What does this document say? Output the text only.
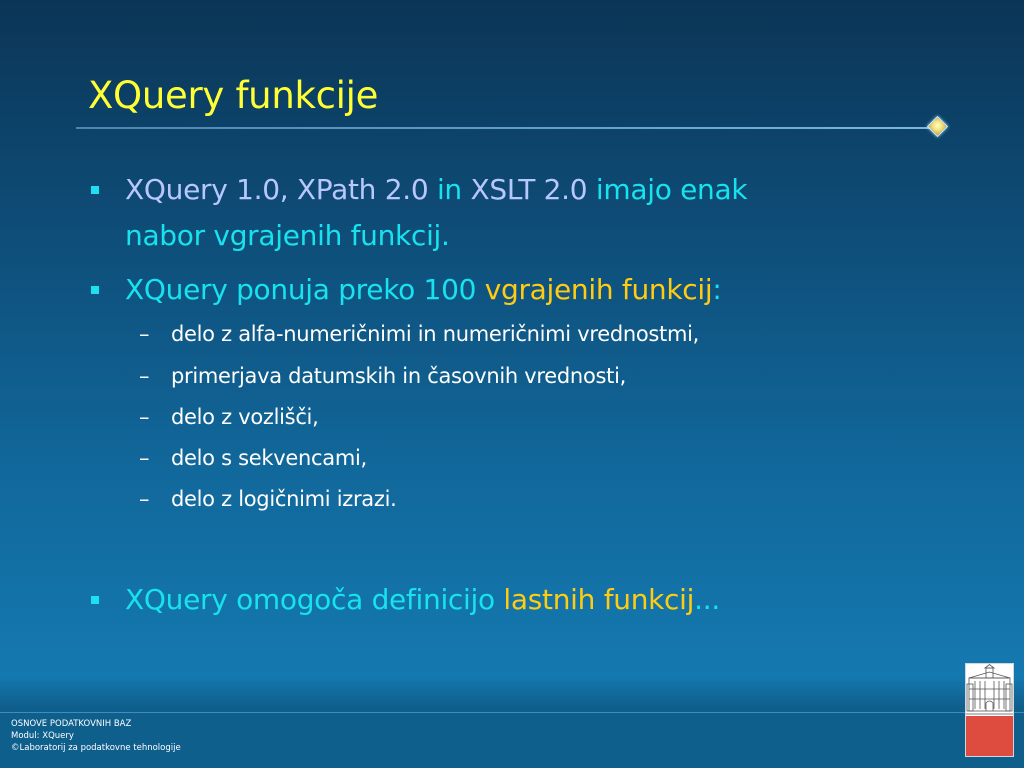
XQuery funkcije
XQuery 1.0, XPath 2.0 in XSLT 2.0 imajo enak
nabor vgrajenih funkcij.
XQuery ponuja preko 100 vgrajenih funkcij:
– delo z alfa-numeričnimi in numeričnimi vrednostmi,
– primerjava datumskih in časovnih vrednosti,
– delo z vozlišči,
– delo s sekvencami,
– delo z logičnimi izrazi.
XQuery omogoča definicijo lastnih funkcij...
OSNOVE PODATKOVNIH BAZ
Modul: XQuery
©Laboratorij za podatkovne tehnologije
